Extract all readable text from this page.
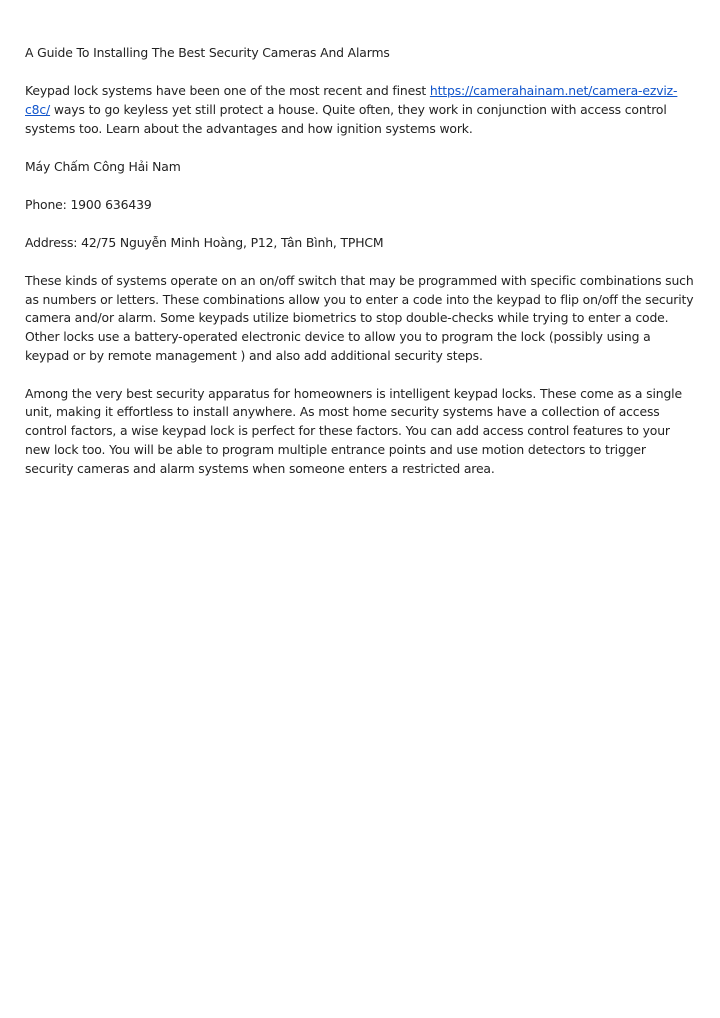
A Guide To Installing The Best Security Cameras And Alarms

Keypad lock systems have been one of the most recent and finest https://camerahainam.net/camera-ezviz-c8c/ ways to go keyless yet still protect a house. Quite often, they work in conjunction with access control systems too. Learn about the advantages and how ignition systems work.

Máy Chấm Công Hải Nam

Phone: 1900 636439

Address: 42/75 Nguyễn Minh Hoàng, P12, Tân Bình, TPHCM

These kinds of systems operate on an on/off switch that may be programmed with specific combinations such as numbers or letters. These combinations allow you to enter a code into the keypad to flip on/off the security camera and/or alarm. Some keypads utilize biometrics to stop double-checks while trying to enter a code. Other locks use a battery-operated electronic device to allow you to program the lock (possibly using a keypad or by remote management ) and also add additional security steps.

Among the very best security apparatus for homeowners is intelligent keypad locks. These come as a single unit, making it effortless to install anywhere. As most home security systems have a collection of access control factors, a wise keypad lock is perfect for these factors. You can add access control features to your new lock too. You will be able to program multiple entrance points and use motion detectors to trigger security cameras and alarm systems when someone enters a restricted area.
